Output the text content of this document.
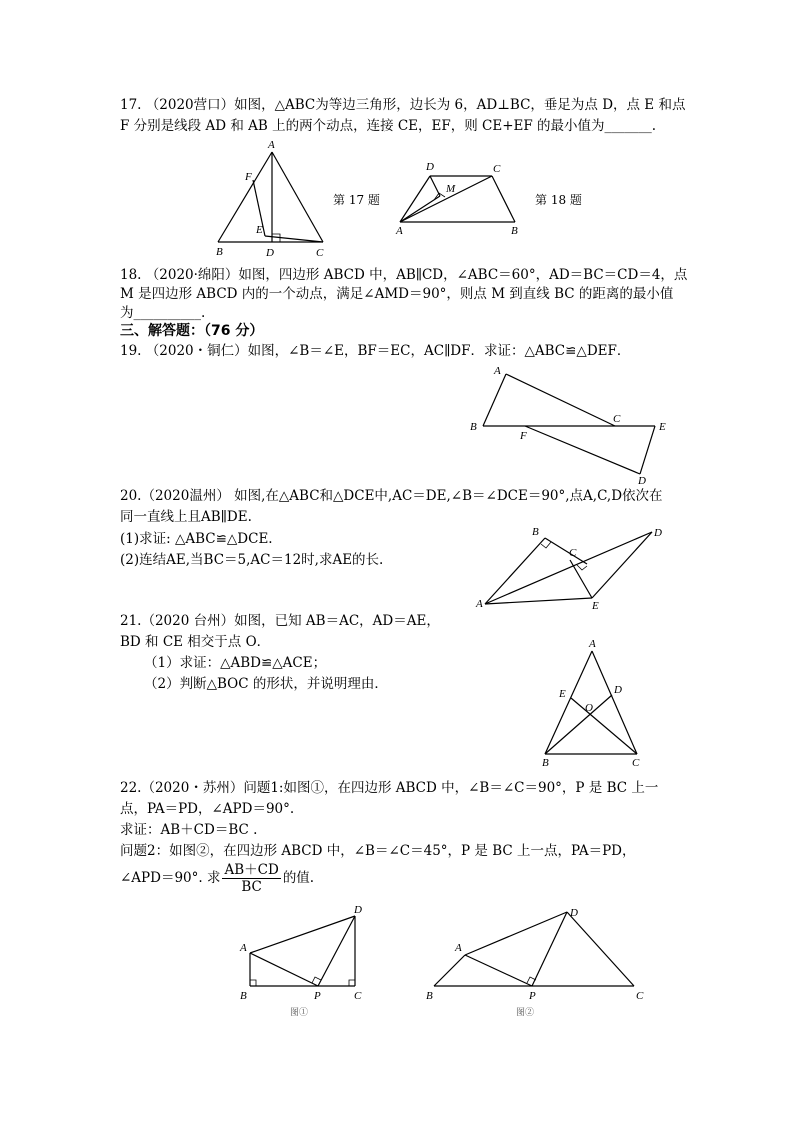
17. （2020营口）如图，△ABC为等边三角形，边长为 6，AD⊥BC，垂足为点 D，点 E 和点
F 分别是线段 AD 和 AB 上的两个动点，连接 CE，EF，则 CE+EF 的最小值为_______.
18. （2020·绵阳）如图，四边形 ABCD 中，AB∥CD，∠ABC＝60°，AD＝BC＝CD＝4，点
M 是四边形 ABCD 内的一个动点，满足∠AMD＝90°，则点 M 到直线 BC 的距离的最小值
为__________.
三、解答题：（76 分）
19. （2020・铜仁）如图，∠B＝∠E，BF＝EC，AC∥DF．求证：△ABC≌△DEF．
20.（2020温州） 如图,在△ABC和△DCE中,AC＝DE,∠B＝∠DCE＝90°,点A,C,D依次在
同一直线上且AB∥DE.
(1)求证: △ABC≌△DCE.
(2)连结AE,当BC＝5,AC＝12时,求AE的长.
21.（2020 台州）如图，已知 AB＝AC，AD＝AE，
BD 和 CE 相交于点 O．
（1）求证：△ABD≌△ACE；
（2）判断△BOC 的形状，并说明理由．
22.（2020・苏州）问题1:如图①，在四边形 ABCD 中，∠B＝∠C＝90°，P 是 BC 上一
点，PA＝PD，∠APD＝90°.
求证：AB＋CD＝BC .
问题2：如图②，在四边形 ABCD 中，∠B＝∠C＝45°，P 是 BC 上一点，PA＝PD，
∠APD＝90°. 求 $\frac{AB+CD}{BC}$ 的值.
A
F
E
B	D	C
第 17 题
D	C
M
A	B
第 18 题
A
B
F
C
E
D
B	D
C
A	E
A
E	D
O
B	C
D
A
B	P	C
图①
D
A
B	P	C
图②
